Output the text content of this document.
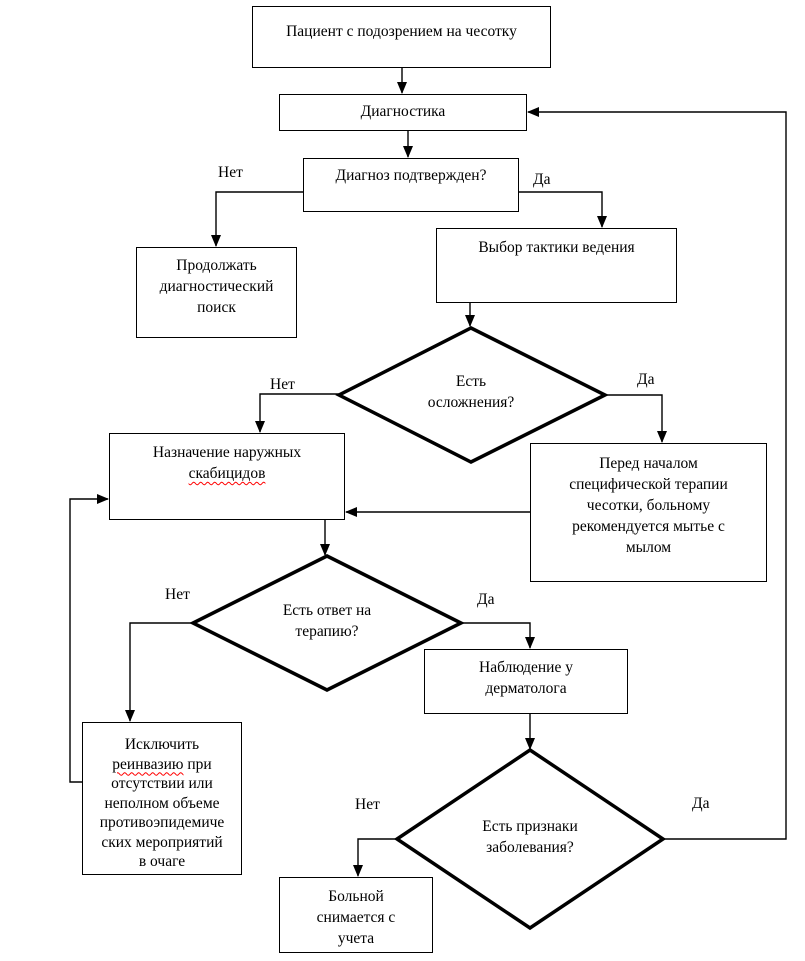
Пациент с подозрением на чесотку
Диагностика
Диагноз подтвержден?
Продолжать
диагностический
поиск
Выбор тактики ведения
Назначение наружных
скабицидов
Перед началом
специфической терапии
чесотки, больному
рекомендуется мытье с
мылом
Наблюдение у
дерматолога
Исключить
реинвазию при
отсутствии или
неполном объеме
противоэпидемиче
ских мероприятий
в очаге
Больной
снимается с
учета
Есть
осложнения?
Есть ответ на
терапию?
Есть признаки
заболевания?
Нет	Да
Нет	Да
Нет	Да
Нет	Да
